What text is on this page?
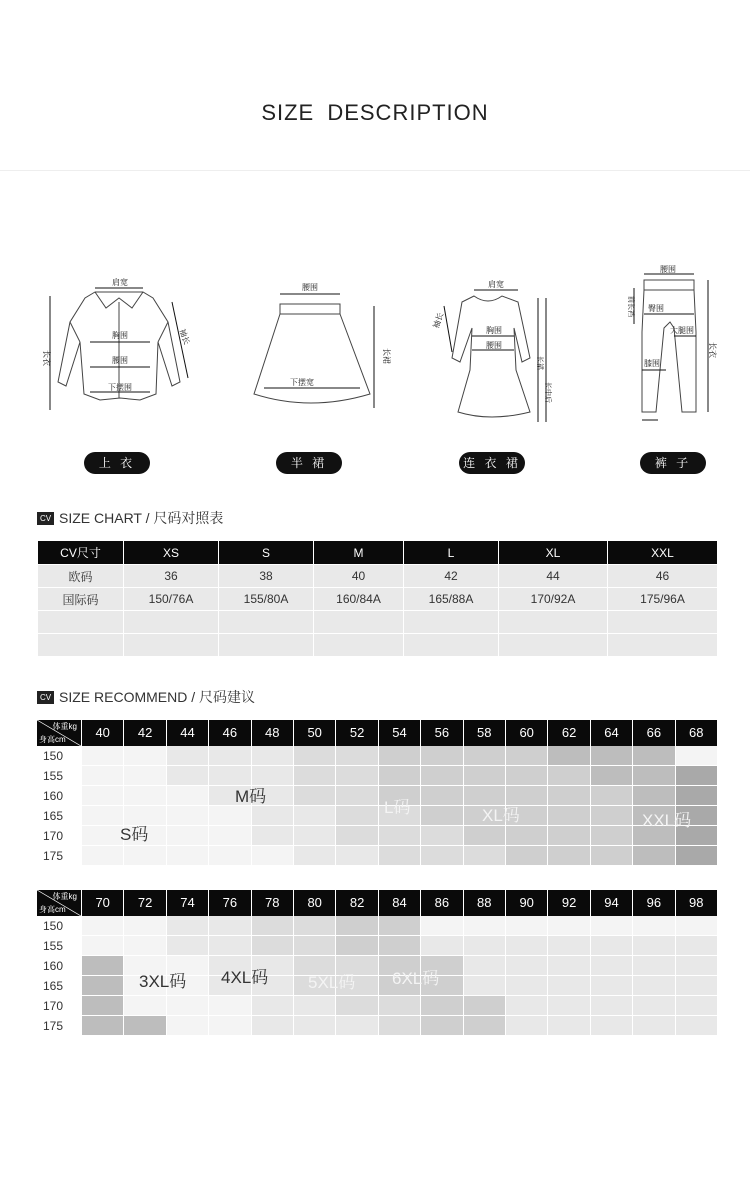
SIZE DESCRIPTION
肩宽
长衣
胸围
腰围
下摆围
袖长
腰围
下摆宽
长裙
肩宽
袖长
胸围
腰围
长裙
长中后
腰围
前长裆 臀围
大腿围
膝围
长衣
上 衣	半 裙	连 衣 裙	裤 子
CV SIZE CHART / 尺码对照表
CV尺寸	XS	S	M	L	XL	XXL
欧码	36	38	40	42	44	46
国际码	150/76A	155/80A	160/84A	165/88A	170/92A	175/96A

CV SIZE RECOMMEND / 尺码建议
体重kg
身高cm	40	42	44	46	48	50	52	54	56	58	60	62	64	66	68
150
155
160
165
170
175
S码
M码
L码	XL码	XXL码
体重kg
身高cm	70	72	74	76	78	80	82	84	86	88	90	92	94	96	98
150
155
160
165
170
175
3XL码 4XL码 5XL码 6XL码
